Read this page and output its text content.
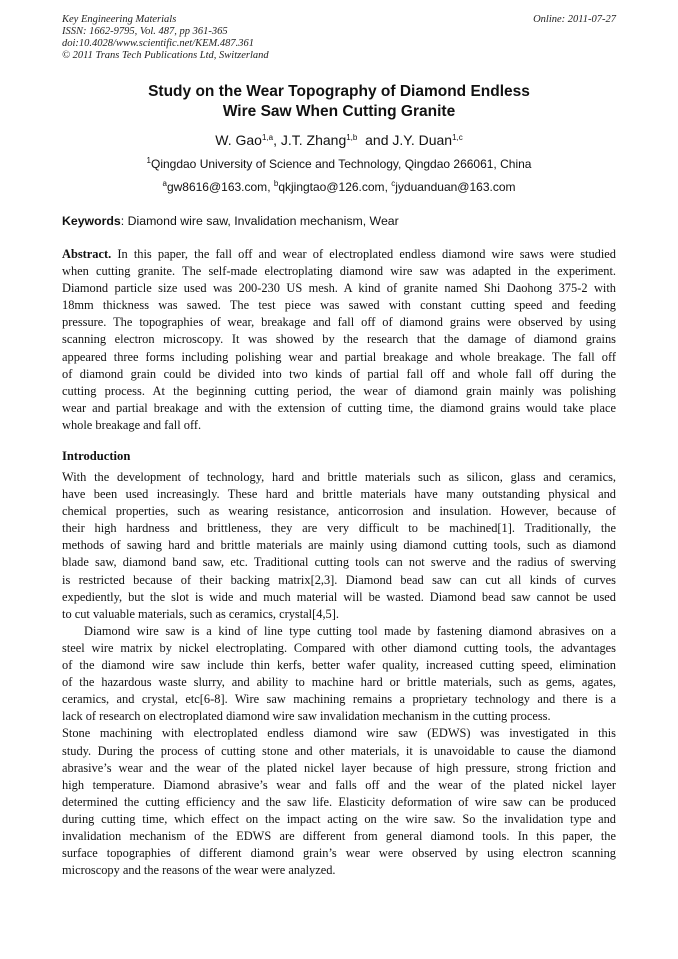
Key Engineering Materials
ISSN: 1662-9795, Vol. 487, pp 361-365
doi:10.4028/www.scientific.net/KEM.487.361
© 2011 Trans Tech Publications Ltd, Switzerland
Online: 2011-07-27
Study on the Wear Topography of Diamond Endless
Wire Saw When Cutting Granite
W. Gao$^{1,a}$, J.T. Zhang$^{1,b}$  and J.Y. Duan$^{1,c}$
$^1$Qingdao University of Science and Technology, Qingdao 266061, China
$^a$gw8616@163.com, $^b$qkjingtao@126.com, $^c$jyduanduan@163.com
Keywords: Diamond wire saw, Invalidation mechanism, Wear
Abstract. In this paper, the fall off and wear of electroplated endless diamond wire saws were studied
when cutting granite. The self-made electroplating diamond wire saw was adapted in the experiment.
Diamond particle size used was 200-230 US mesh. A kind of granite named Shi Daohong 375-2 with
18mm thickness was sawed. The test piece was sawed with constant cutting speed and feeding
pressure. The topographies of wear, breakage and fall off of diamond grains were observed by using
scanning electron microscopy. It was showed by the research that the damage of diamond grains
appeared three forms including polishing wear and partial breakage and whole breakage. The fall off
of diamond grain could be divided into two kinds of partial fall off and whole fall off during the
cutting process. At the beginning cutting period, the wear of diamond grain mainly was polishing
wear and partial breakage and with the extension of cutting time, the diamond grains would take place
whole breakage and fall off.
Introduction
With the development of technology, hard and brittle materials such as silicon, glass and ceramics,
have been used increasingly. These hard and brittle materials have many outstanding physical and
chemical properties, such as wearing resistance, anticorrosion and insulation. However, because of
their high hardness and brittleness, they are very difficult to be machined[1]. Traditionally, the
methods of sawing hard and brittle materials are mainly using diamond cutting tools, such as diamond
blade saw, diamond band saw, etc. Traditional cutting tools can not swerve and the radius of swerving
is restricted because of their backing matrix[2,3]. Diamond bead saw can cut all kinds of curves
expediently, but the slot is wide and much material will be wasted. Diamond bead saw cannot be used
to cut valuable materials, such as ceramics, crystal[4,5].
Diamond wire saw is a kind of line type cutting tool made by fastening diamond abrasives on a
steel wire matrix by nickel electroplating. Compared with other diamond cutting tools, the advantages
of the diamond wire saw include thin kerfs, better wafer quality, increased cutting speed, elimination
of the hazardous waste slurry, and ability to machine hard or brittle materials, such as gems, agates,
ceramics, and crystal, etc[6-8]. Wire saw machining remains a proprietary technology and there is a
lack of research on electroplated diamond wire saw invalidation mechanism in the cutting process.
Stone machining with electroplated endless diamond wire saw (EDWS) was investigated in this
study. During the process of cutting stone and other materials, it is unavoidable to cause the diamond
abrasive’s wear and the wear of the plated nickel layer because of high pressure, strong friction and
high temperature. Diamond abrasive’s wear and falls off and the wear of the plated nickel layer
determined the cutting efficiency and the saw life. Elasticity deformation of wire saw can be produced
during cutting time, which effect on the impact acting on the wire saw. So the invalidation type and
invalidation mechanism of the EDWS are different from general diamond tools. In this paper, the
surface topographies of different diamond grain’s wear were observed by using electron scanning
microscopy and the reasons of the wear were analyzed.
